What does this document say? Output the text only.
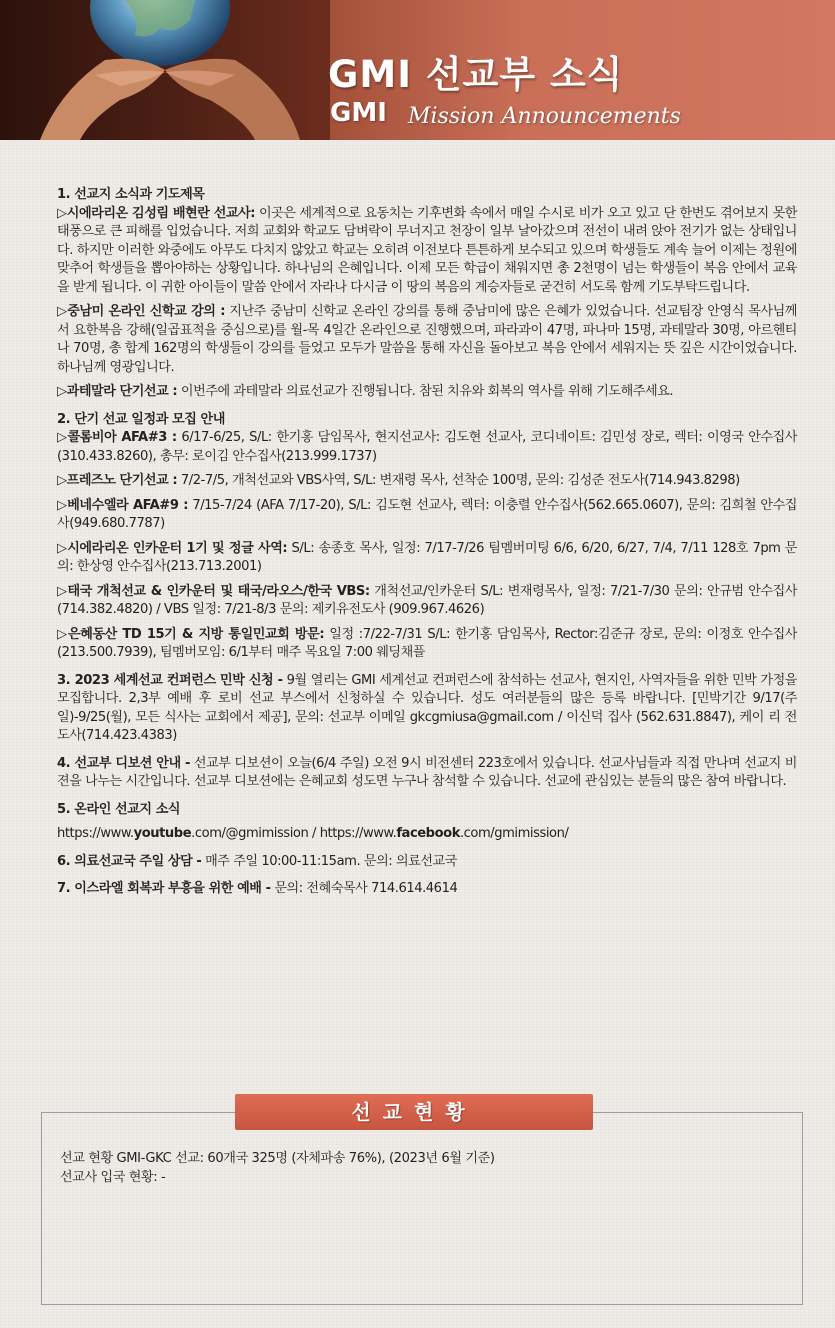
GMI 선교부 소식
GMI Mission Announcements

1. 선교지 소식과 기도제목

▷시에라리온 김성림 배현란 선교사: 이곳은 세계적으로 요동치는 기후변화 속에서 매일 수시로 비가 오고 있고 단 한번도 겪어보지 못한 태풍으로 큰 피해를 입었습니다. 저희 교회와 학교도 담벼락이 무너지고 천장이 일부 날아갔으며 전선이 내려 앉아 전기가 없는 상태입니다. 하지만 이러한 와중에도 아무도 다치지 않았고 학교는 오히려 이전보다 튼튼하게 보수되고 있으며 학생들도 계속 늘어 이제는 정원에 맞추어 학생들을 뽑아야하는 상황입니다. 하나님의 은혜입니다. 이제 모든 학급이 채워지면 총 2천명이 넘는 학생들이 복음 안에서 교육을 받게 됩니다. 이 귀한 아이들이 말씀 안에서 자라나 다시금 이 땅의 복음의 계승자들로 굳건히 서도록 함께 기도부탁드립니다.

▷중남미 온라인 신학교 강의 : 지난주 중남미 신학교 온라인 강의를 통해 중남미에 많은 은혜가 있었습니다. 선교팀장 안영식 목사님께서 요한복음 강해(일곱표적을 중심으로)를 월-목 4일간 온라인으로 진행했으며, 파라과이 47명, 파나마 15명, 과테말라 30명, 아르헨티나 70명, 총 합계 162명의 학생들이 강의를 들었고 모두가 말씀을 통해 자신을 돌아보고 복음 안에서 세워지는 뜻 깊은 시간이었습니다. 하나님께 영광입니다.

▷과테말라 단기선교 : 이번주에 과테말라 의료선교가 진행됩니다. 참된 치유와 회복의 역사를 위해 기도해주세요.

2. 단기 선교 일정과 모집 안내

▷콜롬비아 AFA#3 : 6/17-6/25, S/L: 한기홍 담임목사, 현지선교사: 김도현 선교사, 코디네이트: 김민성 장로, 렉터: 이영국 안수집사(310.433.8260), 총무: 로이김 안수집사(213.999.1737)

▷프레즈노 단기선교 : 7/2-7/5, 개척선교와 VBS사역, S/L: 변재령 목사, 선착순 100명, 문의: 김성준 전도사(714.943.8298)

▷베네수엘라 AFA#9 : 7/15-7/24 (AFA 7/17-20), S/L: 김도현 선교사, 렉터: 이충렬 안수집사(562.665.0607), 문의: 김희철 안수집사(949.680.7787)

▷시에라리온 인카운터 1기 및 정글 사역: S/L: 송종호 목사, 일정: 7/17-7/26 팀멤버미팅 6/6, 6/20, 6/27, 7/4, 7/11 128호 7pm 문의: 한상영 안수집사(213.713.2001)

▷태국 개척선교 & 인카운터 및 태국/라오스/한국 VBS: 개척선교/인카운터 S/L: 변재령목사, 일정: 7/21-7/30 문의: 안규범 안수집사(714.382.4820) / VBS 일정: 7/21-8/3 문의: 제키유전도사 (909.967.4626)

▷은혜동산 TD 15기 & 지방 통일민교회 방문: 일정 :7/22-7/31 S/L: 한기홍 담임목사, Rector:김준규 장로, 문의: 이정호 안수집사(213.500.7939), 팀멤버모임: 6/1부터 매주 목요일 7:00 웨딩채플

3. 2023 세계선교 컨퍼런스 민박 신청 - 9월 열리는 GMI 세계선교 컨퍼런스에 참석하는 선교사, 현지인, 사역자들을 위한 민박 가정을 모집합니다. 2,3부 예배 후 로비 선교 부스에서 신청하실 수 있습니다. 성도 여러분들의 많은 등록 바랍니다. [민박기간 9/17(주일)-9/25(월), 모든 식사는 교회에서 제공], 문의: 선교부 이메일 gkcgmiusa@gmail.com / 이신덕 집사 (562.631.8847), 케이 리 전도사(714.423.4383)

4. 선교부 디보션 안내 - 선교부 디보션이 오늘(6/4 주일) 오전 9시 비전센터 223호에서 있습니다. 선교사님들과 직접 만나며 선교지 비젼을 나누는 시간입니다. 선교부 디보션에는 은혜교회 성도면 누구나 참석할 수 있습니다. 선교에 관심있는 분들의 많은 참여 바랍니다.

5. 온라인 선교지 소식

https://www.youtube.com/@gmimission / https://www.facebook.com/gmimission/

6. 의료선교국 주일 상담 - 매주 주일 10:00-11:15am. 문의: 의료선교국

7. 이스라엘 회복과 부흥을 위한 예배 - 문의: 전혜숙목사 714.614.4614

선교현황
선교 현황 GMI-GKC 선교: 60개국 325명 (자체파송 76%), (2023년 6월 기준)
선교사 입국 현황: -
